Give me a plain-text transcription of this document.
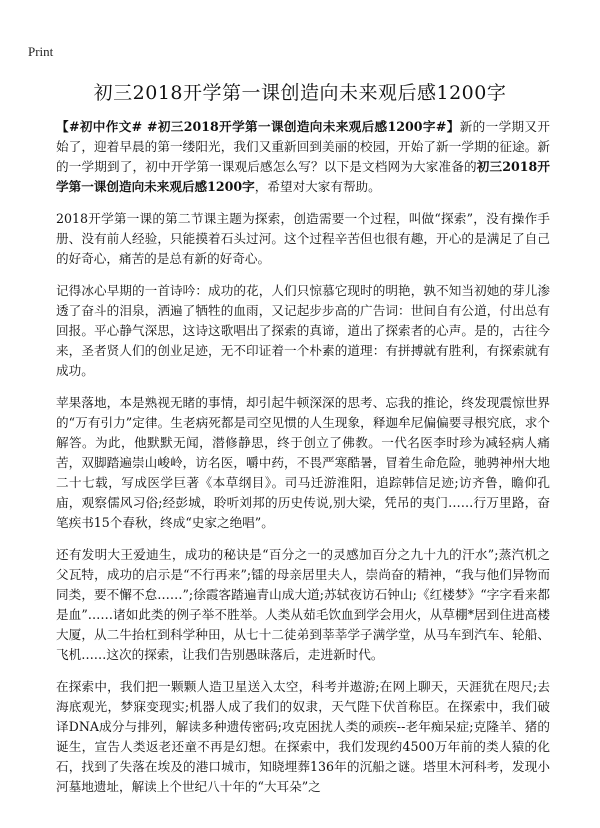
Print
初三2018开学第一课创造向未来观后感1200字

【#初中作文# #初三2018开学第一课创造向未来观后感1200字#】新的一学期又开始了，迎着早晨的第一缕阳光，我们又重新回到美丽的校园，开始了新一学期的征途。新的一学期到了，初中开学第一课观后感怎么写？以下是文档网为大家准备的初三2018开学第一课创造向未来观后感1200字，希望对大家有帮助。

2018开学第一课的第二节课主题为探索，创造需要一个过程，叫做“探索”，没有操作手册、没有前人经验，只能摸着石头过河。这个过程辛苦但也很有趣，开心的是满足了自己的好奇心，痛苦的是总有新的好奇心。

记得冰心早期的一首诗吟：成功的花，人们只惊慕它现时的明艳，孰不知当初她的芽儿渗透了奋斗的泪泉，洒遍了牺牲的血雨，又记起步步高的广告词：世间自有公道，付出总有回报。平心静气深思，这诗这歌唱出了探索的真谛，道出了探索者的心声。是的，古往今来，圣者贤人们的创业足迹，无不印证着一个朴素的道理：有拼搏就有胜利，有探索就有成功。

苹果落地，本是熟视无睹的事情，却引起牛顿深深的思考、忘我的推论，终发现震惊世界的“万有引力”定律。生老病死都是司空见惯的人生现象，释迦牟尼偏偏要寻根究底，求个解答。为此，他默默无闻，潜修静思，终于创立了佛教。一代名医李时珍为减轻病人痛苦，双脚踏遍崇山峻岭，访名医，嚼中药，不畏严寒酷暑，冒着生命危险，驰骋神州大地二十七载，写成医学巨著《本草纲目》。司马迁游淮阳，追踪韩信足迹;访齐鲁，瞻仰孔庙，观察儒风习俗;经彭城，聆听刘邦的历史传说,别大梁，凭吊的夷门……行万里路，奋笔疾书15个春秋，终成“史家之绝唱”。

还有发明大王爱迪生，成功的秘诀是“百分之一的灵感加百分之九十九的汗水”;蒸汽机之父瓦特，成功的启示是“不行再来”;镭的母亲居里夫人，崇尚奋的精神，“我与他们异物而同类，要不懈不怠……”;徐霞客踏遍青山成大道;苏轼夜访石钟山;《红楼梦》“字字看来都是血”……诸如此类的例子举不胜举。人类从茹毛饮血到学会用火，从草棚*居到住进高楼大厦，从二牛抬杠到科学种田，从七十二徒弟到莘莘学子满学堂，从马车到汽车、轮船、飞机……这次的探索，让我们告别愚昧落后，走进新时代。

在探索中，我们把一颗颗人造卫星送入太空，科考并遨游;在网上聊天，天涯犹在咫尺;去海底观光，梦寐变现实;机器人成了我们的奴隶，天气陛下伏首称臣。在探索中，我们破译DNA成分与排列，解读多种遗传密码;攻克困扰人类的顽疾--老年痴呆症;克隆羊、猪的诞生，宣告人类返老还童不再是幻想。在探索中，我们发现约4500万年前的类人猿的化石，找到了失落在埃及的港口城市，知晓埋葬136年的沉船之谜。塔里木河科考，发现小河墓地遗址，解读上个世纪八十年的“大耳朵”之
